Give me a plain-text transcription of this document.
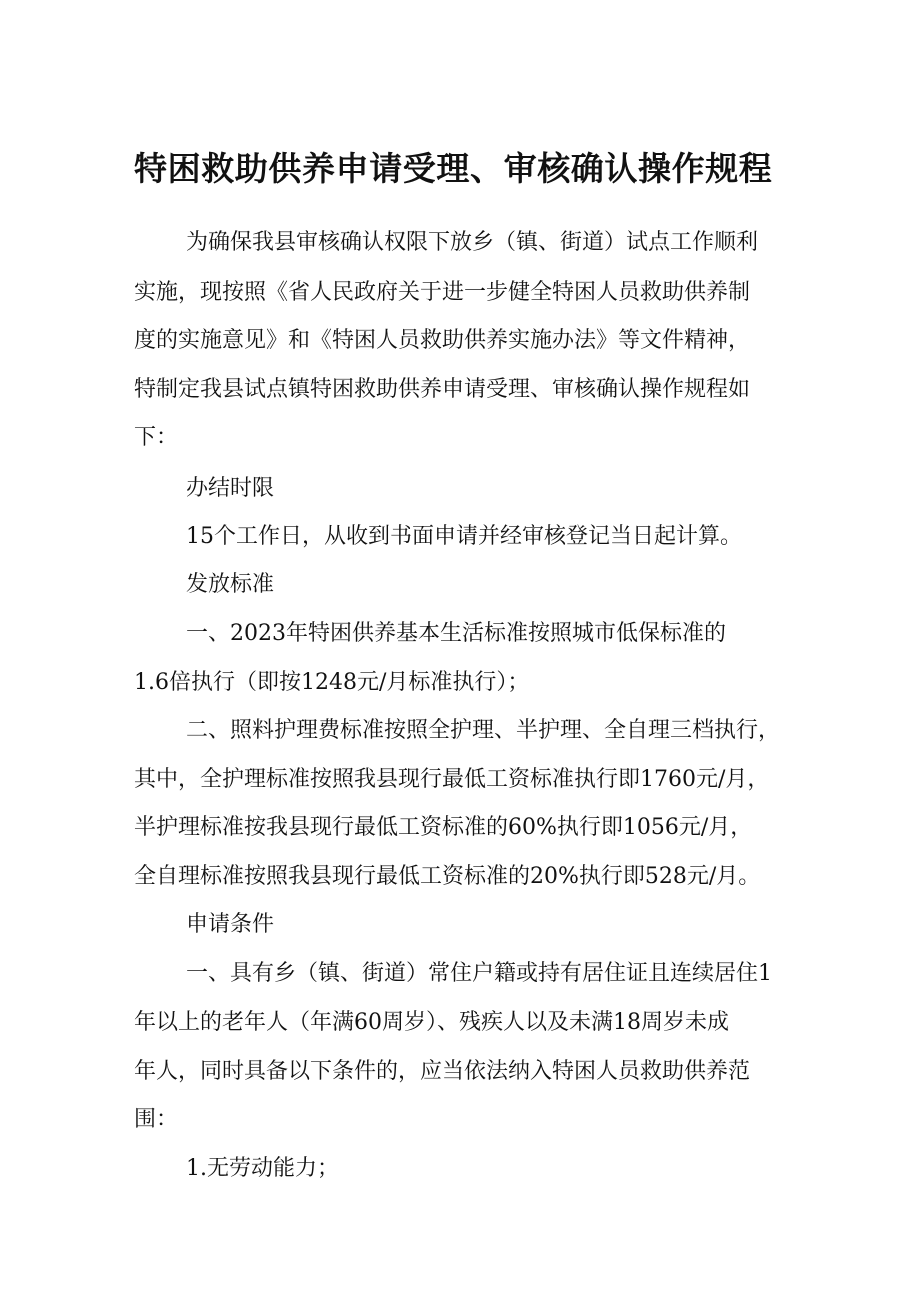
特困救助供养申请受理、审核确认操作规程
为确保我县审核确认权限下放乡（镇、街道）试点工作顺利
实施，现按照《省人民政府关于进一步健全特困人员救助供养制
度的实施意见》和《特困人员救助供养实施办法》等文件精神，
特制定我县试点镇特困救助供养申请受理、审核确认操作规程如
下：
办结时限
15个工作日，从收到书面申请并经审核登记当日起计算。
发放标准
一、2023年特困供养基本生活标准按照城市低保标准的
1.6倍执行（即按1248元/月标准执行）；
二、照料护理费标准按照全护理、半护理、全自理三档执行，
其中，全护理标准按照我县现行最低工资标准执行即1760元/月，
半护理标准按我县现行最低工资标准的60%执行即1056元/月，
全自理标准按照我县现行最低工资标准的20%执行即528元/月。
申请条件
一、具有乡（镇、街道）常住户籍或持有居住证且连续居住1
年以上的老年人（年满60周岁）、残疾人以及未满18周岁未成
年人，同时具备以下条件的，应当依法纳入特困人员救助供养范
围：
1.无劳动能力；
